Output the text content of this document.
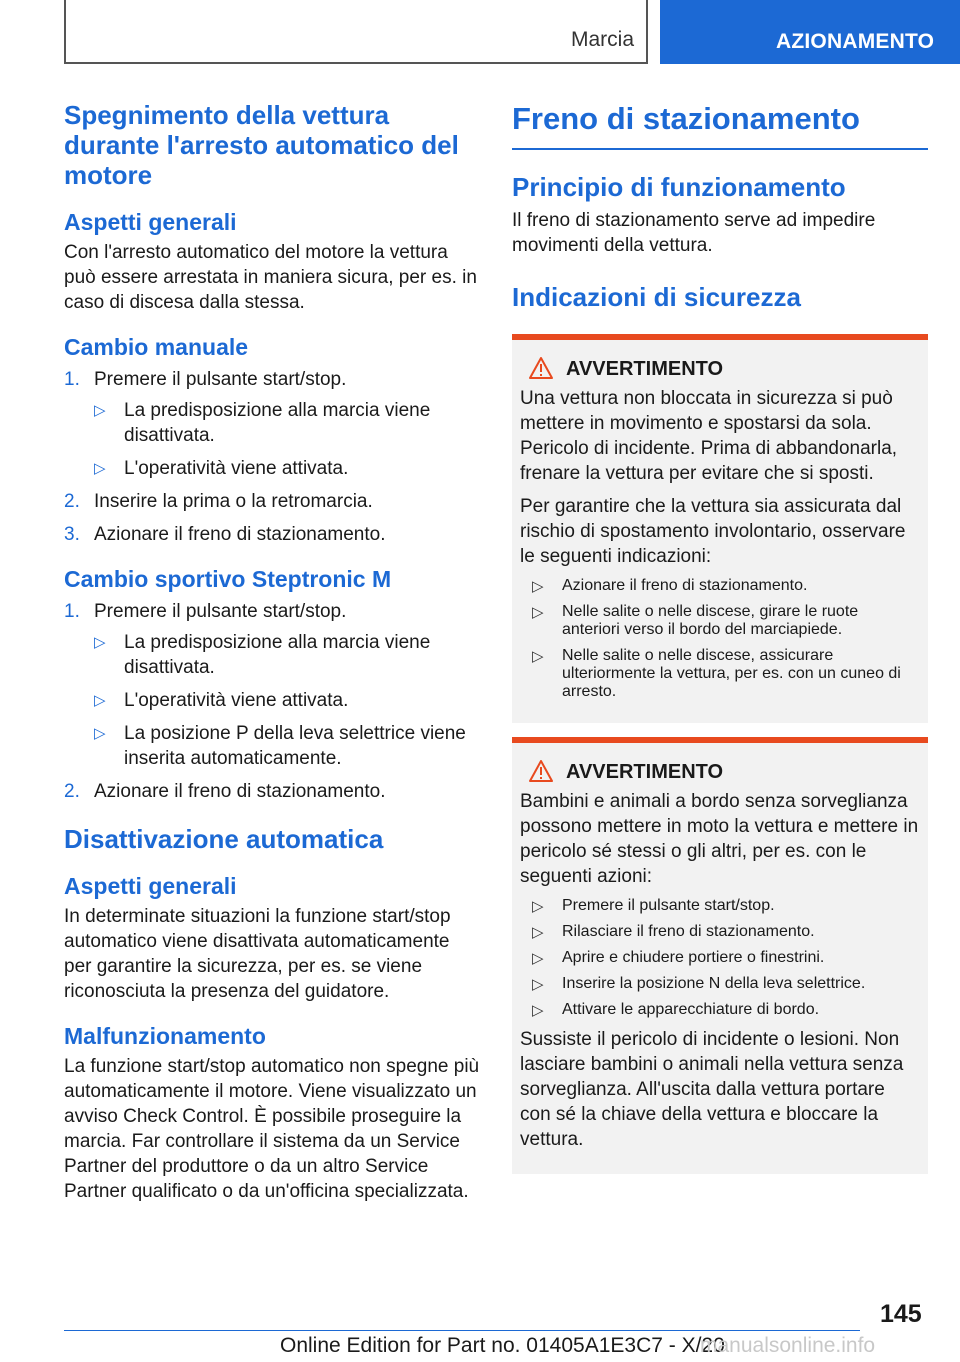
Marcia	AZIONAMENTO
Spegnimento della vettura durante l'arresto automatico del motore
Aspetti generali

Con l'arresto automatico del motore la vettura può essere arrestata in maniera sicura, per es. in caso di discesa dalla stessa.

Cambio manuale
1. Premere il pulsante start/stop.
▷ La predisposizione alla marcia viene disattivata.
▷ L'operatività viene attivata.
2. Inserire la prima o la retromarcia.
3. Azionare il freno di stazionamento.
Cambio sportivo Steptronic M
1. Premere il pulsante start/stop.
▷ La predisposizione alla marcia viene disattivata.
▷ L'operatività viene attivata.
▷ La posizione P della leva selettrice viene inserita automaticamente.
2. Azionare il freno di stazionamento.
Disattivazione automatica
Aspetti generali

In determinate situazioni la funzione start/stop automatico viene disattivata automaticamente per garantire la sicurezza, per es. se viene riconosciuta la presenza del guidatore.

Malfunzionamento

La funzione start/stop automatico non spegne più automaticamente il motore. Viene visualizzato un avviso Check Control. È possibile proseguire la marcia. Far controllare il sistema da un Service Partner del produttore o da un altro Service Partner qualificato o da un'officina specializzata.

Freno di stazionamento
Principio di funzionamento

Il freno di stazionamento serve ad impedire movimenti della vettura.

Indicazioni di sicurezza
AVVERTIMENTO

Una vettura non bloccata in sicurezza si può mettere in movimento e spostarsi da sola. Pericolo di incidente. Prima di abbandonarla, frenare la vettura per evitare che si sposti.

Per garantire che la vettura sia assicurata dal rischio di spostamento involontario, osservare le seguenti indicazioni:

▷ Azionare il freno di stazionamento.
▷ Nelle salite o nelle discese, girare le ruote anteriori verso il bordo del marciapiede.
▷ Nelle salite o nelle discese, assicurare ulteriormente la vettura, per es. con un cuneo di arresto.
AVVERTIMENTO

Bambini e animali a bordo senza sorveglianza possono mettere in moto la vettura e mettere in pericolo sé stessi o gli altri, per es. con le seguenti azioni:

▷ Premere il pulsante start/stop.
▷ Rilasciare il freno di stazionamento.
▷ Aprire e chiudere portiere o finestrini.
▷ Inserire la posizione N della leva selettrice.
▷ Attivare le apparecchiature di bordo.

Sussiste il pericolo di incidente o lesioni. Non lasciare bambini o animali nella vettura senza sorveglianza. All'uscita dalla vettura portare con sé la chiave della vettura e bloccare la vettura.

145
Online Edition for Part no. 01405A1E3C7 - X/20
manualsonline.info
